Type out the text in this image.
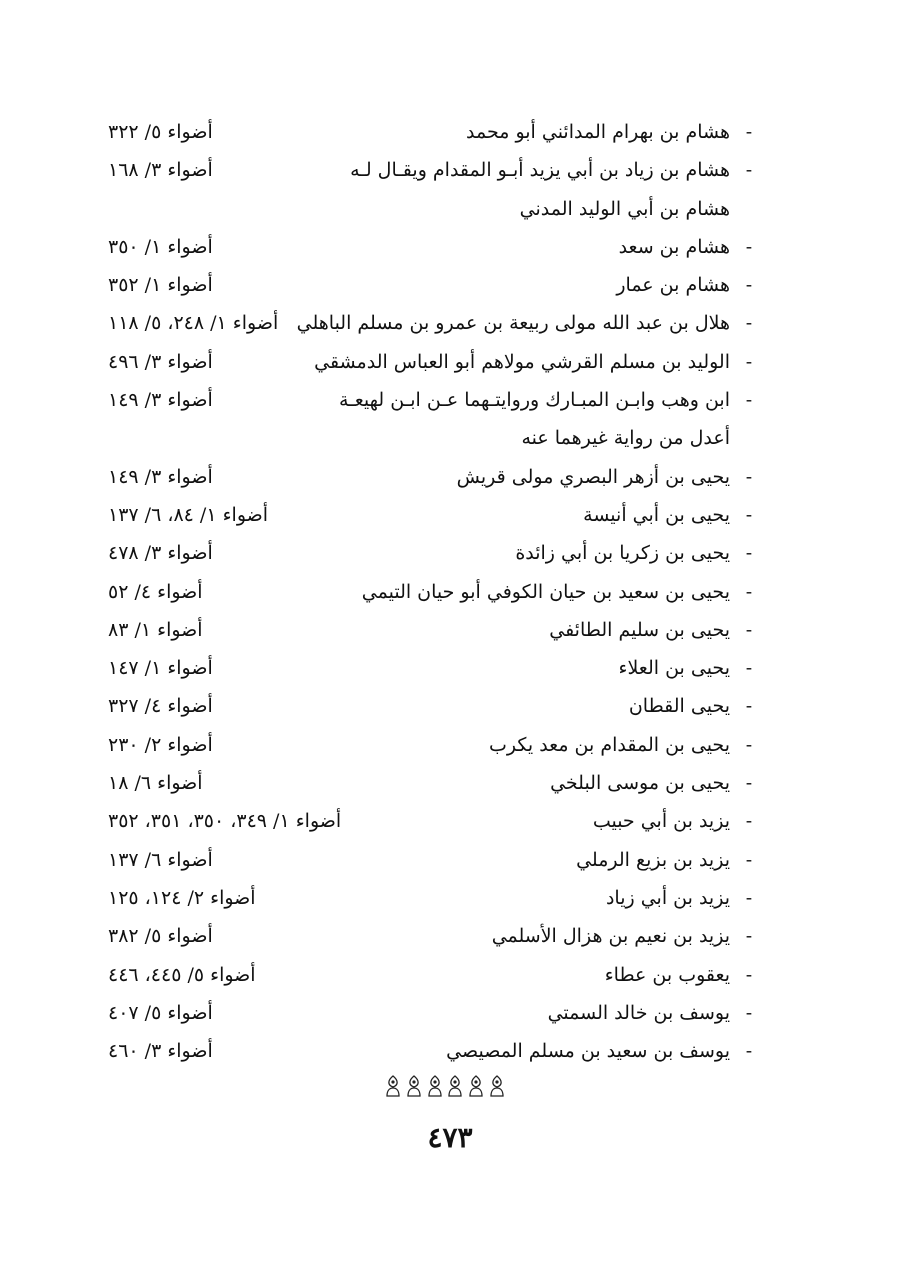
-
هشام بن بهرام المدائني أبو محمد
أضواء ٥/ ٣٢٢
-
هشام بن زياد بن أبي يزيد أبـو المقدام ويقـال لـه
أضواء ٣/ ١٦٨
هشام بن أبي الوليد المدني
-
هشام بن سعد
أضواء ١/ ٣٥٠
-
هشام بن عمار
أضواء ١/ ٣٥٢
-
هلال بن عبد الله مولى ربيعة بن عمرو بن مسلم الباهلي
أضواء ١/ ٢٤٨، ٥/ ١١٨
-
الوليد بن مسلم القرشي مولاهم أبو العباس الدمشقي
أضواء ٣/ ٤٩٦
-
ابن وهب وابـن المبـارك وروايتـهما عـن ابـن لهيعـة
أضواء ٣/ ١٤٩
أعدل من رواية غيرهما عنه
-
يحيى بن أزهر البصري مولى قريش
أضواء ٣/ ١٤٩
-
يحيى بن أبي أنيسة
أضواء ١/ ٨٤، ٦/ ١٣٧
-
يحيى بن زكريا بن أبي زائدة
أضواء ٣/ ٤٧٨
-
يحيى بن سعيد بن حيان الكوفي أبو حيان التيمي
أضواء ٤/ ٥٢
-
يحيى بن سليم الطائفي
أضواء ١/ ٨٣
-
يحيى بن العلاء
أضواء ١/ ١٤٧
-
يحيى القطان
أضواء ٤/ ٣٢٧
-
يحيى بن المقدام بن معد يكرب
أضواء ٢/ ٢٣٠
-
يحيى بن موسى البلخي
أضواء ٦/ ١٨
-
يزيد بن أبي حبيب
أضواء ١/ ٣٤٩، ٣٥٠، ٣٥١، ٣٥٢
-
يزيد بن بزيع الرملي
أضواء ٦/ ١٣٧
-
يزيد بن أبي زياد
أضواء ٢/ ١٢٤، ١٢٥
-
يزيد بن نعيم بن هزال الأسلمي
أضواء ٥/ ٣٨٢
-
يعقوب بن عطاء
أضواء ٥/ ٤٤٥، ٤٤٦
-
يوسف بن خالد السمتي
أضواء ٥/ ٤٠٧
-
يوسف بن سعيد بن مسلم المصيصي
أضواء ٣/ ٤٦٠
٤٧٣
